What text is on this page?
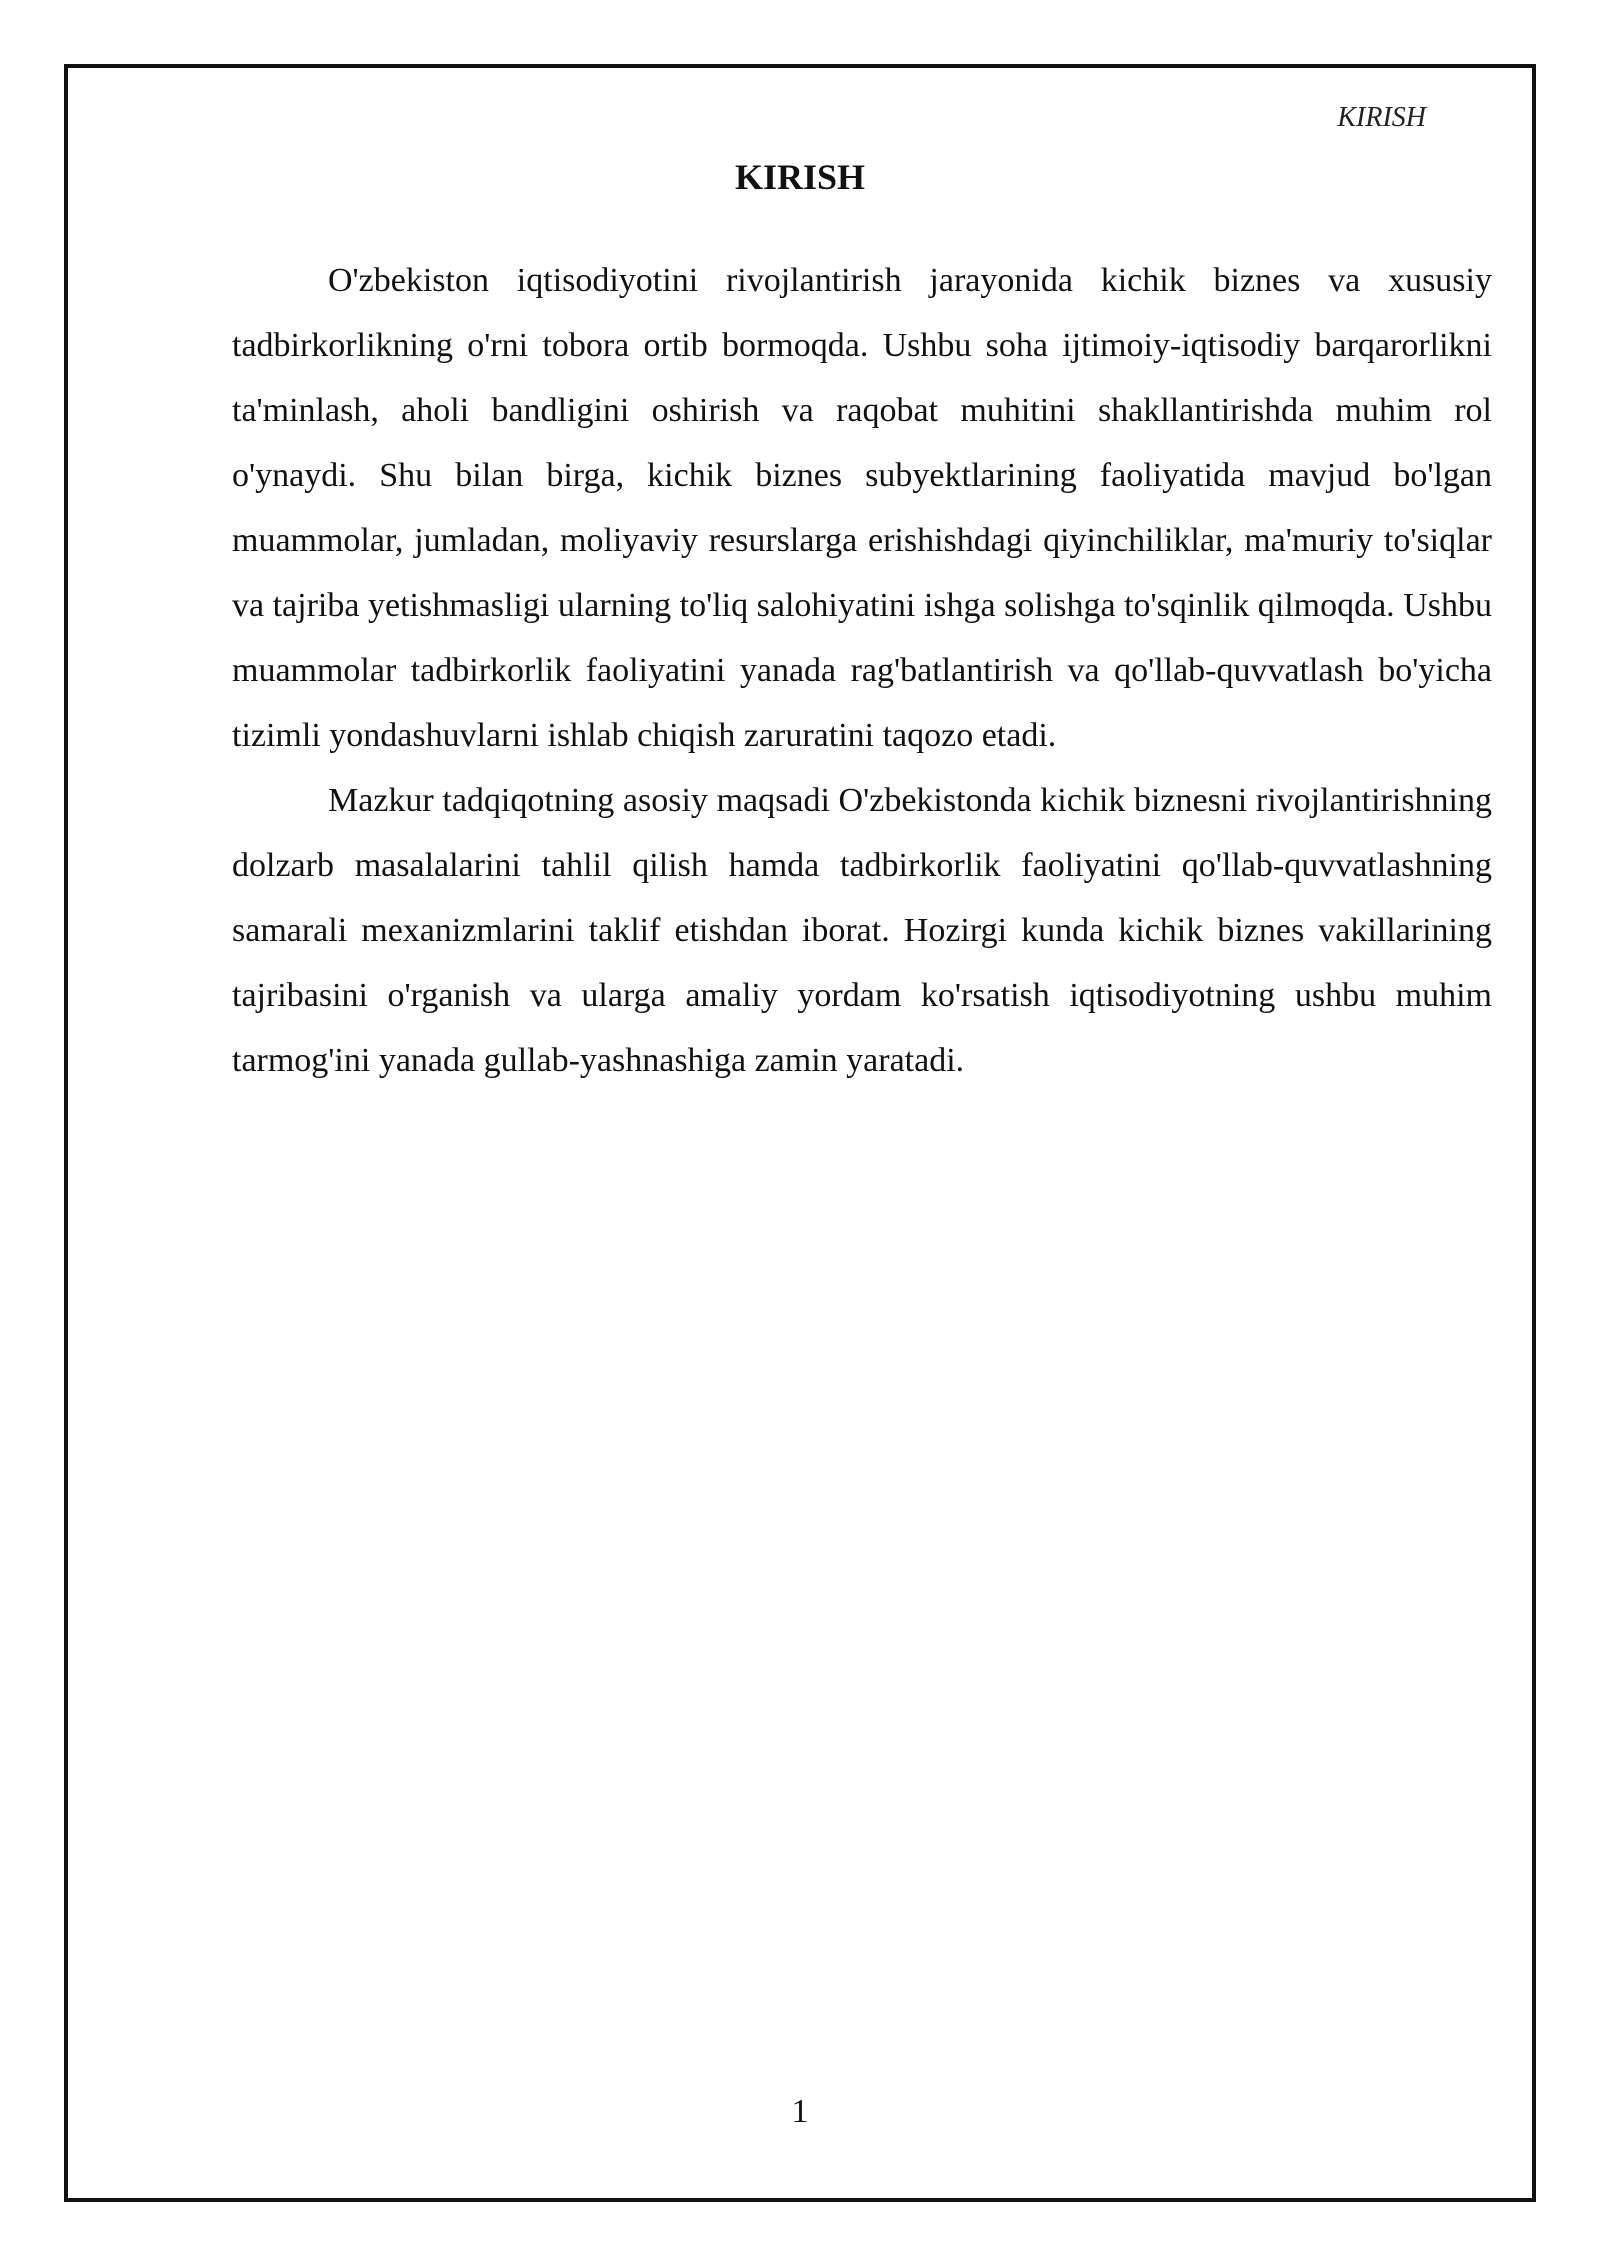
KIRISH
KIRISH

O'zbekiston iqtisodiyotini rivojlantirish jarayonida kichik biznes va xususiy tadbirkorlikning o'rni tobora ortib bormoqda. Ushbu soha ijtimoiy-iqtisodiy barqarorlikni ta'minlash, aholi bandligini oshirish va raqobat muhitini shakllantirishda muhim rol o'ynaydi. Shu bilan birga, kichik biznes subyektlarining faoliyatida mavjud bo'lgan muammolar, jumladan, moliyaviy resurslarga erishishdagi qiyinchiliklar, ma'muriy to'siqlar va tajriba yetishmasligi ularning to'liq salohiyatini ishga solishga to'sqinlik qilmoqda. Ushbu muammolar tadbirkorlik faoliyatini yanada rag'batlantirish va qo'llab-quvvatlash bo'yicha tizimli yondashuvlarni ishlab chiqish zaruratini taqozo etadi.

Mazkur tadqiqotning asosiy maqsadi O'zbekistonda kichik biznesni rivojlantirishning dolzarb masalalarini tahlil qilish hamda tadbirkorlik faoliyatini qo'llab-quvvatlashning samarali mexanizmlarini taklif etishdan iborat. Hozirgi kunda kichik biznes vakillarining tajribasini o'rganish va ularga amaliy yordam ko'rsatish iqtisodiyotning ushbu muhim tarmog'ini yanada gullab-yashnashiga zamin yaratadi.

1
